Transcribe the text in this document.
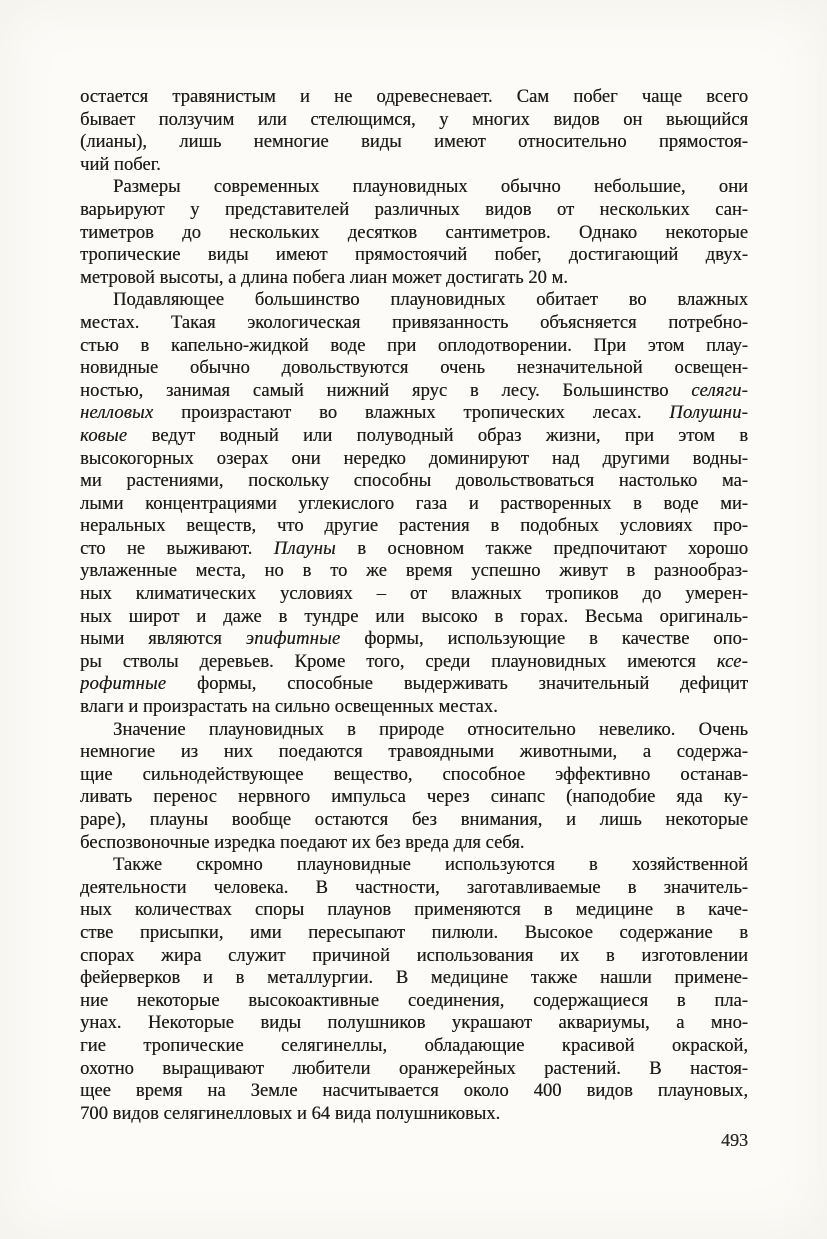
остается травянистым и не одревесневает. Сам побег чаще всего
бывает ползучим или стелющимся, у многих видов он вьющийся
(лианы), лишь немногие виды имеют относительно прямостоя-
чий побег.
Размеры современных плауновидных обычно небольшие, они
варьируют у представителей различных видов от нескольких сан-
тиметров до нескольких десятков сантиметров. Однако некоторые
тропические виды имеют прямостоячий побег, достигающий двух-
метровой высоты, а длина побега лиан может достигать 20 м.
Подавляющее большинство плауновидных обитает во влажных
местах. Такая экологическая привязанность объясняется потребно-
стью в капельно-жидкой воде при оплодотворении. При этом плау-
новидные обычно довольствуются очень незначительной освещен-
ностью, занимая самый нижний ярус в лесу. Большинство селяги-
нелловых произрастают во влажных тропических лесах. Полушни-
ковые ведут водный или полуводный образ жизни, при этом в
высокогорных озерах они нередко доминируют над другими водны-
ми растениями, поскольку способны довольствоваться настолько ма-
лыми концентрациями углекислого газа и растворенных в воде ми-
неральных веществ, что другие растения в подобных условиях про-
сто не выживают. Плауны в основном также предпочитают хорошо
увлаженные места, но в то же время успешно живут в разнообраз-
ных климатических условиях – от влажных тропиков до умерен-
ных широт и даже в тундре или высоко в горах. Весьма оригиналь-
ными являются эпифитные формы, использующие в качестве опо-
ры стволы деревьев. Кроме того, среди плауновидных имеются ксе-
рофитные формы, способные выдерживать значительный дефицит
влаги и произрастать на сильно освещенных местах.
Значение плауновидных в природе относительно невелико. Очень
немногие из них поедаются травоядными животными, а содержа-
щие сильнодействующее вещество, способное эффективно останав-
ливать перенос нервного импульса через синапс (наподобие яда ку-
раре), плауны вообще остаются без внимания, и лишь некоторые
беспозвоночные изредка поедают их без вреда для себя.
Также скромно плауновидные используются в хозяйственной
деятельности человека. В частности, заготавливаемые в значитель-
ных количествах споры плаунов применяются в медицине в каче-
стве присыпки, ими пересыпают пилюли. Высокое содержание в
спорах жира служит причиной использования их в изготовлении
фейерверков и в металлургии. В медицине также нашли примене-
ние некоторые высокоактивные соединения, содержащиеся в пла-
унах. Некоторые виды полушников украшают аквариумы, а мно-
гие тропические селягинеллы, обладающие красивой окраской,
охотно выращивают любители оранжерейных растений. В настоя-
щее время на Земле насчитывается около 400 видов плауновых,
700 видов селягинелловых и 64 вида полушниковых.
493
